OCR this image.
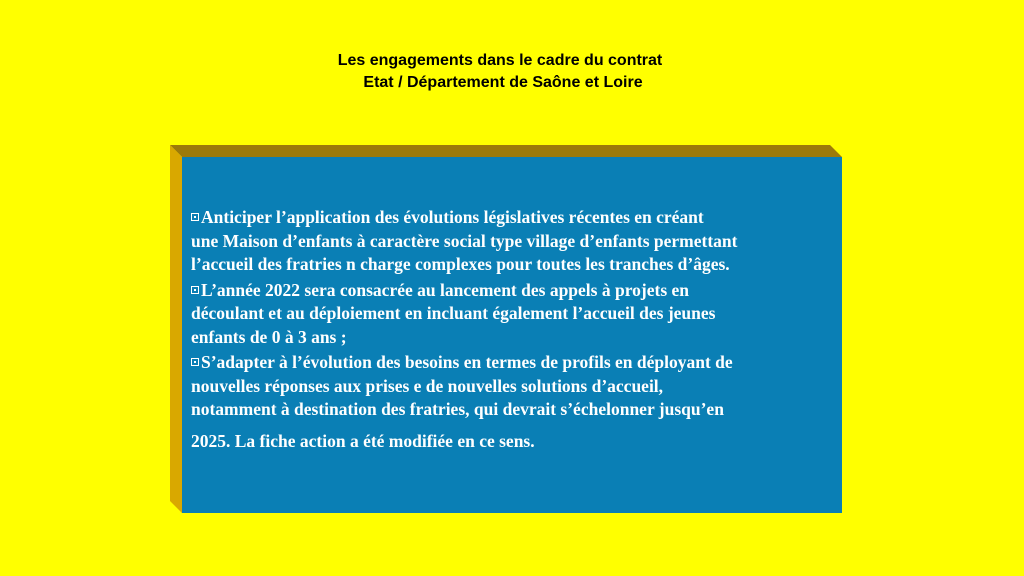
Les engagements dans le cadre du contrat
Etat / Département de Saône et Loire
Anticiper l’application des évolutions législatives récentes en créant
une Maison d’enfants à caractère social type village d’enfants permettant
l’accueil des fratries n charge complexes pour toutes les tranches d’âges.
L’année 2022 sera consacrée au lancement des appels à projets en
découlant et au déploiement en incluant également l’accueil des jeunes
enfants de 0 à 3 ans ;
S’adapter à l’évolution des besoins en termes de profils en déployant de
nouvelles réponses aux prises e de nouvelles solutions d’accueil,
notamment à destination des fratries, qui devrait s’échelonner jusqu’en
2025. La fiche action a été modifiée en ce sens.
